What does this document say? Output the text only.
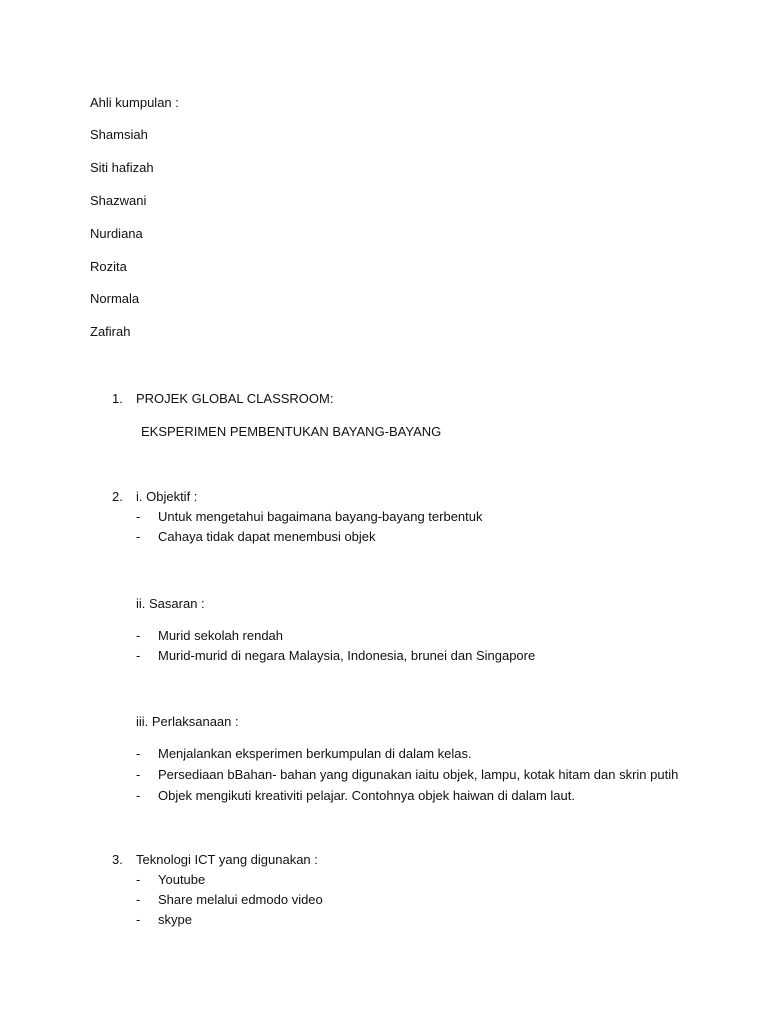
Ahli kumpulan :
Shamsiah
Siti hafizah
Shazwani
Nurdiana
Rozita
Normala
Zafirah
1. PROJEK GLOBAL CLASSROOM:
EKSPERIMEN PEMBENTUKAN BAYANG-BAYANG
2. i. Objektif :
- Untuk mengetahui bagaimana bayang-bayang terbentuk
- Cahaya tidak dapat menembusi objek
ii. Sasaran :
- Murid sekolah rendah
- Murid-murid di negara Malaysia, Indonesia, brunei dan Singapore
iii. Perlaksanaan :
- Menjalankan eksperimen berkumpulan di dalam kelas.
- Persediaan bBahan- bahan yang digunakan iaitu objek, lampu, kotak hitam dan skrin putih
- Objek mengikuti kreativiti pelajar. Contohnya objek haiwan di dalam laut.
3. Teknologi ICT yang digunakan :
- Youtube
- Share melalui edmodo video
- skype
